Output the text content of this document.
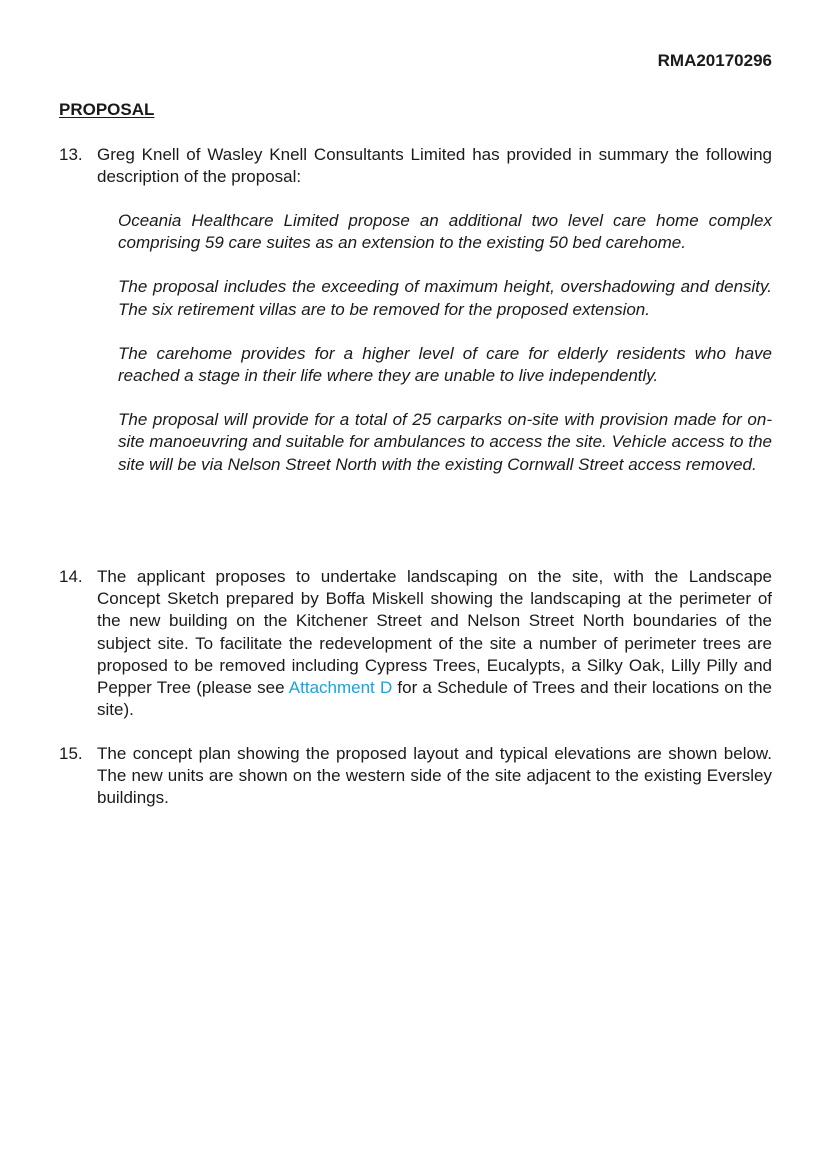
RMA20170296
PROPOSAL
13. Greg Knell of Wasley Knell Consultants Limited has provided in summary the following description of the proposal:

Oceania Healthcare Limited propose an additional two level care home complex comprising 59 care suites as an extension to the existing 50 bed carehome.

The proposal includes the exceeding of maximum height, overshadowing and density. The six retirement villas are to be removed for the proposed extension.

The carehome provides for a higher level of care for elderly residents who have reached a stage in their life where they are unable to live independently.

The proposal will provide for a total of 25 carparks on-site with provision made for on-site manoeuvring and suitable for ambulances to access the site. Vehicle access to the site will be via Nelson Street North with the existing Cornwall Street access removed.

14. The applicant proposes to undertake landscaping on the site, with the Landscape Concept Sketch prepared by Boffa Miskell showing the landscaping at the perimeter of the new building on the Kitchener Street and Nelson Street North boundaries of the subject site. To facilitate the redevelopment of the site a number of perimeter trees are proposed to be removed including Cypress Trees, Eucalypts, a Silky Oak, Lilly Pilly and Pepper Tree (please see Attachment D for a Schedule of Trees and their locations on the site).
15. The concept plan showing the proposed layout and typical elevations are shown below. The new units are shown on the western side of the site adjacent to the existing Eversley buildings.
